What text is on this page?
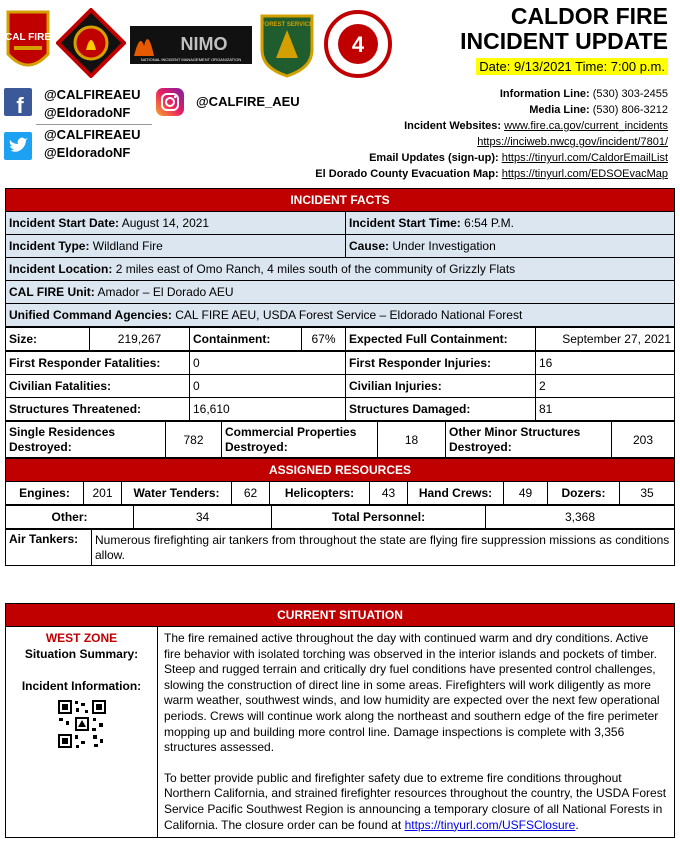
CAL FIRE	NIMO
NATIONAL INCIDENT MANAGEMENT ORGANIZATION
FOREST SERVICE
4
CALDOR FIRE
INCIDENT UPDATE
Date: 9/13/2021 Time: 7:00 p.m.
f @CALFIREAEU
@EldoradoNF
@CALFIRE_AEU
@CALFIREAEU
@EldoradoNF
Information Line: (530) 303-2455
Media Line: (530) 806-3212
Incident Websites: www.fire.ca.gov/current_incidents
https://inciweb.nwcg.gov/incident/7801/
Email Updates (sign-up): https://tinyurl.com/CaldorEmailList
El Dorado County Evacuation Map: https://tinyurl.com/EDSOEvacMap
INCIDENT FACTS	
Incident Start Date: August 14, 2021	Incident Start Time: 6:54 P.M.
Incident Type: Wildland Fire	Cause: Under Investigation
Incident Location: 2 miles east of Omo Ranch, 4 miles south of the community of Grizzly Flats	
CAL FIRE Unit: Amador – El Dorado AEU	
Unified Command Agencies: CAL FIRE AEU, USDA Forest Service – Eldorado National Forest	
Size:	219,267	Containment:	67%	Expected Full Containment:	September 27, 2021
First Responder Fatalities:	0	First Responder Injuries:	16
Civilian Fatalities:	0	Civilian Injuries:	2
Structures Threatened:	16,610	Structures Damaged:	81
Single Residences Destroyed:	782	Commercial Properties Destroyed:	18	Other Minor Structures Destroyed:	203
ASSIGNED RESOURCES
Engines:	201	Water Tenders:	62	Helicopters:	43	Hand Crews:	49	Dozers:	35
Other:	34	Total Personnel:	3,368
Air Tankers:	Numerous firefighting air tankers from throughout the state are flying fire suppression missions as conditions allow.
CURRENT SITUATION
WEST ZONE
Situation Summary:
Incident Information:

The fire remained active throughout the day with continued warm and dry conditions. Active fire behavior with isolated torching was observed in the interior islands and pockets of timber. Steep and rugged terrain and critically dry fuel conditions have presented control challenges, slowing the construction of direct line in some areas. Firefighters will work diligently as more warm weather, southwest winds, and low humidity are expected over the next few operational periods. Crews will continue work along the northeast and southern edge of the fire perimeter mopping up and building more control line. Damage inspections is complete with 3,356 structures assessed.

To better provide public and firefighter safety due to extreme fire conditions throughout Northern California, and strained firefighter resources throughout the country, the USDA Forest Service Pacific Southwest Region is announcing a temporary closure of all National Forests in California. The closure order can be found at https://tinyurl.com/USFSClosure.
